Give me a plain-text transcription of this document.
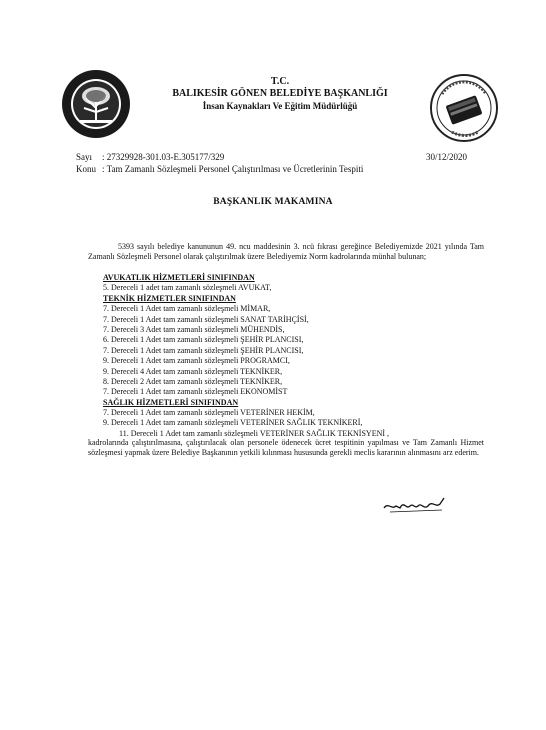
T.C.
BALIKESİR GÖNEN BELEDİYE BAŞKANLIĞI
İnsan Kaynakları Ve Eğitim Müdürlüğü
Sayı : 27329928-301.03-E.305177/329
Konu : Tam Zamanlı Sözleşmeli Personel Çalıştırılması ve Ücretlerinin Tespiti
30/12/2020
BAŞKANLIK MAKAMINA
5393 sayılı belediye kanununun 49. ncu maddesinin 3. ncü fıkrası gereğince Belediyemizde 2021 yılında Tam Zamanlı Sözleşmeli Personel olarak çalıştırılmak üzere Belediyemiz Norm kadrolarında münhal bulunan;
AVUKATLIK HİZMETLERİ SINIFINDAN
5. Dereceli 1 adet tam zamanlı sözleşmeli AVUKAT,
TEKNİK HİZMETLER SINIFINDAN
7. Dereceli 1 Adet tam zamanlı sözleşmeli MİMAR,
7. Dereceli 1 Adet tam zamanlı sözleşmeli SANAT TARİHÇİSİ,
7. Dereceli 3 Adet tam zamanlı sözleşmeli MÜHENDİS,
6. Dereceli 1 Adet tam zamanlı sözleşmeli ŞEHİR PLANCISI,
7. Dereceli 1 Adet tam zamanlı sözleşmeli ŞEHİR PLANCISI,
9. Dereceli 1 Adet tam zamanlı sözleşmeli PROGRAMCI,
9. Dereceli 4 Adet tam zamanlı sözleşmeli TEKNİKER,
8. Dereceli 2 Adet tam zamanlı sözleşmeli TEKNİKER,
7. Dereceli 1 Adet tam zamanlı sözleşmeli EKONOMİST
SAĞLIK HİZMETLERİ SINIFINDAN
7. Dereceli 1 Adet tam zamanlı sözleşmeli VETERİNER HEKİM,
9. Dereceli 1 Adet tam zamanlı sözleşmeli VETERİNER SAĞLIK TEKNİKERİ,
11. Dereceli 1 Adet tam zamanlı sözleşmeli VETERİNER SAĞLIK TEKNİSYENİ ,
kadrolarında çalıştırılmasına, çalıştırılacak olan personele ödenecek ücret tespitinin yapılması ve Tam Zamanlı Hizmet sözleşmesi yapmak üzere Belediye Başkanının yetkili kılınması hususunda gerekli meclis kararının alınmasını arz ederim.
